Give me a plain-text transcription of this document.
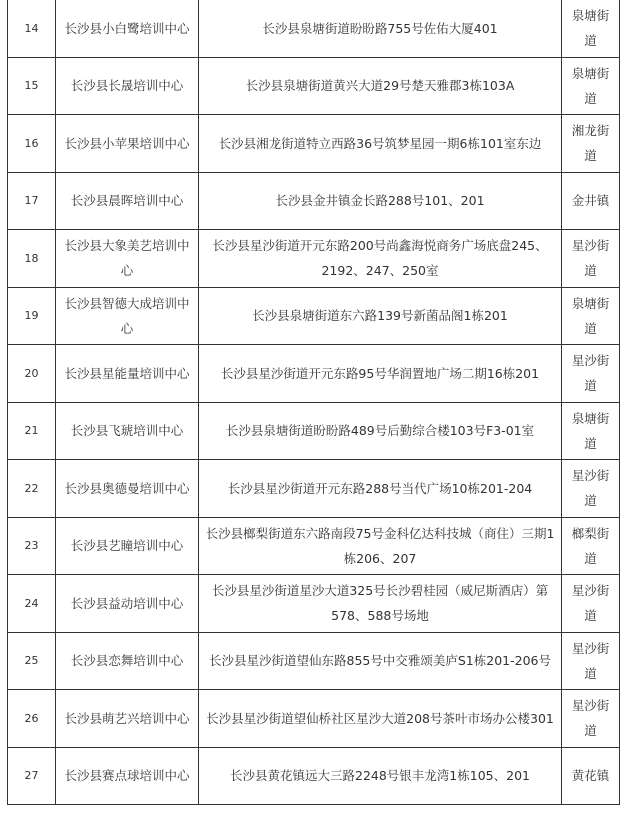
14	长沙县小白鹭培训中心	长沙县泉塘街道盼盼路755号佐佑大厦401	泉塘街道
15	长沙县长晟培训中心	长沙县泉塘街道黄兴大道29号楚天雅郡3栋103A	泉塘街道
16	长沙县小苹果培训中心	长沙县湘龙街道特立西路36号筑梦星园一期6栋101室东边	湘龙街道
17	长沙县晨晖培训中心	长沙县金井镇金长路288号101、201	金井镇
18	长沙县大象美艺培训中心	长沙县星沙街道开元东路200号尚鑫海悦商务广场底盘245、2192、247、250室	星沙街道
19	长沙县智德大成培训中心	长沙县泉塘街道东六路139号新菌品阁1栋201	泉塘街道
20	长沙县星能量培训中心	长沙县星沙街道开元东路95号华润置地广场二期16栋201	星沙街道
21	长沙县飞琥培训中心	长沙县泉塘街道盼盼路489号后勤综合楼103号F3-01室	泉塘街道
22	长沙县奥德曼培训中心	长沙县星沙街道开元东路288号当代广场10栋201-204	星沙街道
23	长沙县艺瞳培训中心	长沙县榔梨街道东六路南段75号金科亿达科技城（商住）三期1栋206、207	榔梨街道
24	长沙县益动培训中心	长沙县星沙街道星沙大道325号长沙碧桂园（威尼斯酒店）第578、588号场地	星沙街道
25	长沙县恋舞培训中心	长沙县星沙街道望仙东路855号中交雅颂美庐S1栋201-206号	星沙街道
26	长沙县萌艺兴培训中心	长沙县星沙街道望仙桥社区星沙大道208号茶叶市场办公楼301	星沙街道
27	长沙县赛点球培训中心	长沙县黄花镇远大三路2248号银丰龙湾1栋105、201	黄花镇
